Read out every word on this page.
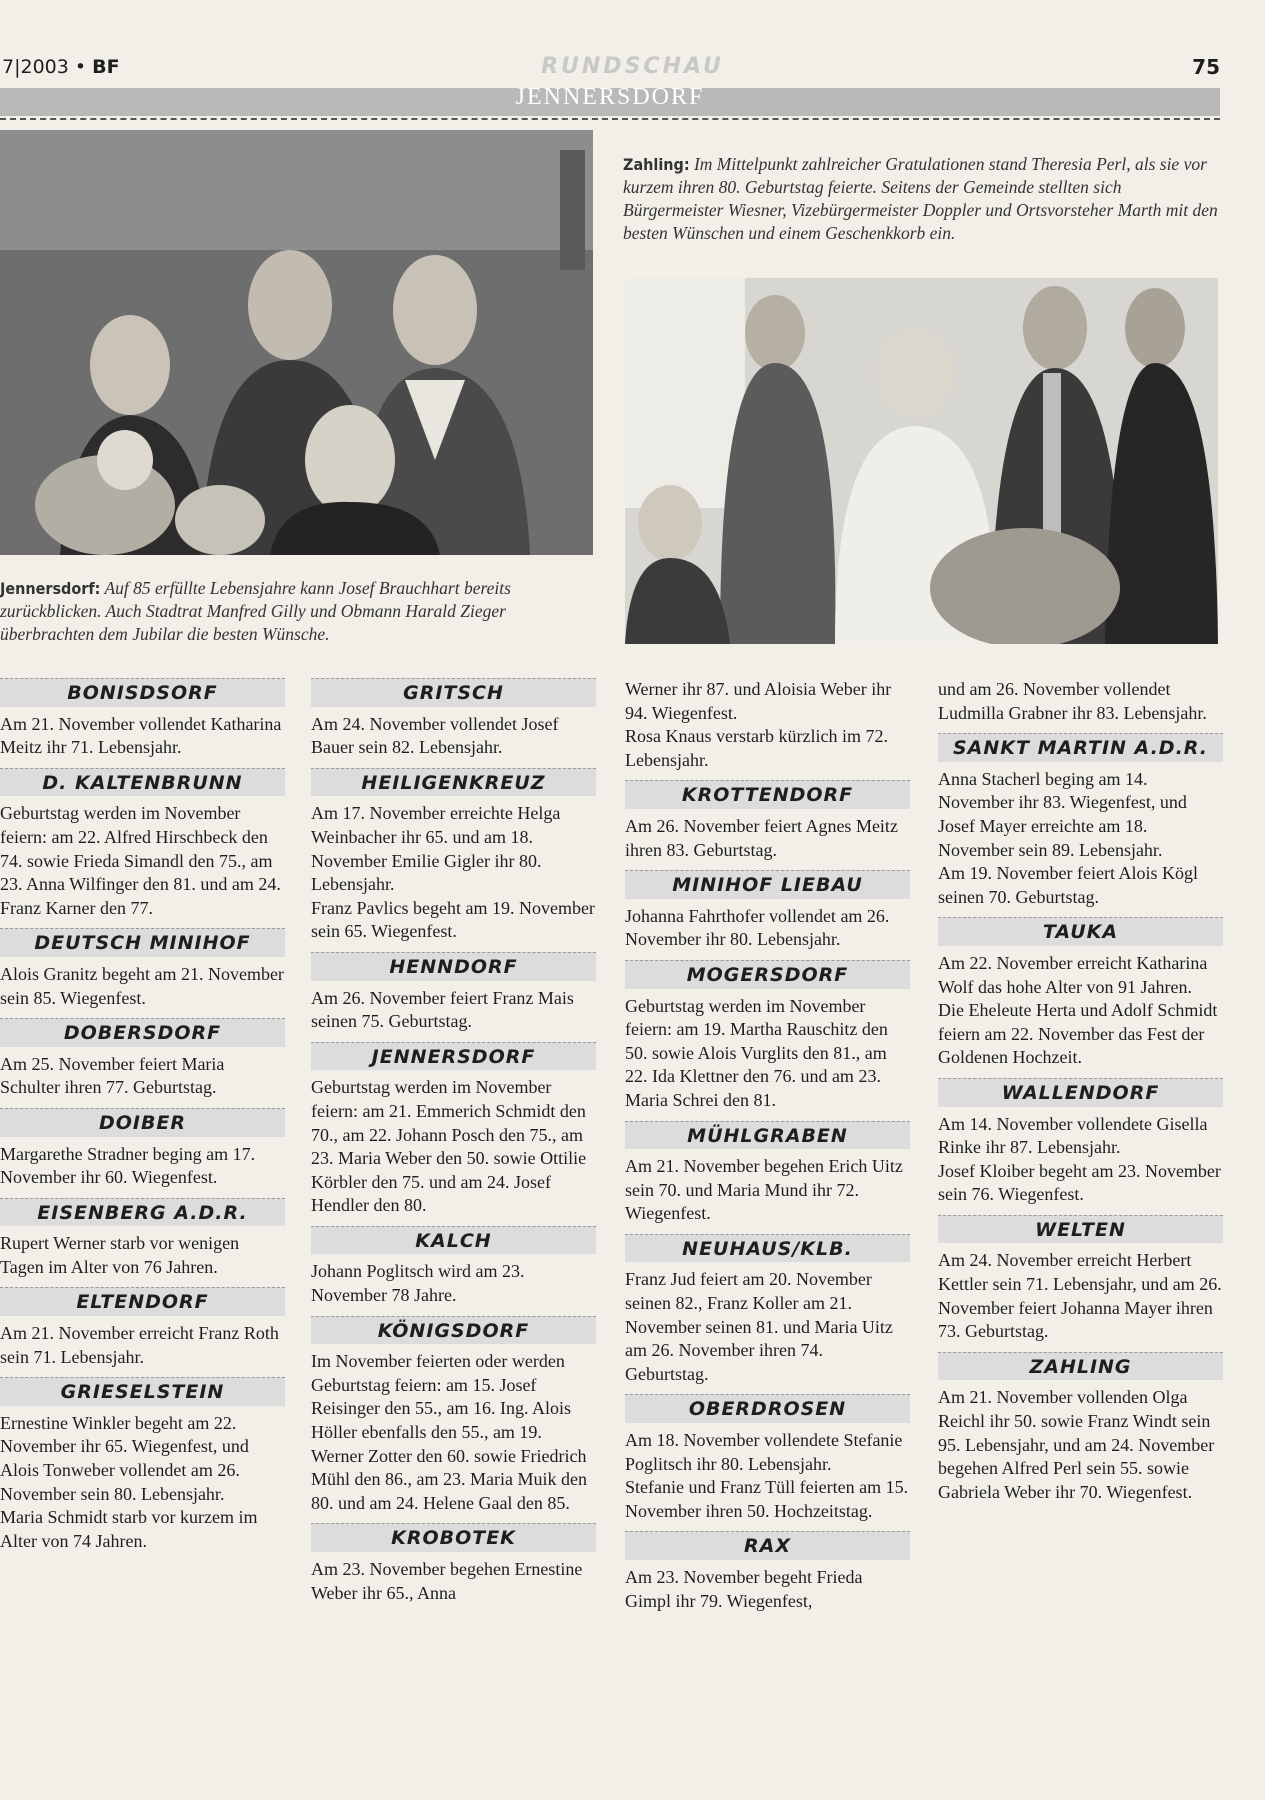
7|2003 • BF	RUNDSCHAU	75
JENNERSDORF
Zahling: Im Mittelpunkt zahlreicher Gratulationen stand Theresia Perl, als sie vor kurzem ihren 80. Geburtstag feierte. Seitens der Gemeinde stellten sich Bürgermeister Wiesner, Vizebürgermeister Doppler und Ortsvorsteher Marth mit den besten Wünschen und einem Geschenkkorb ein.
Jennersdorf: Auf 85 erfüllte Lebensjahre kann Josef Brauchhart bereits zurückblicken. Auch Stadtrat Manfred Gilly und Obmann Harald Zieger überbrachten dem Jubilar die besten Wünsche.
BONISDSORF

Am 21. November vollendet Katharina Meitz ihr 71. Lebensjahr.

D. KALTENBRUNN

Geburtstag werden im November feiern: am 22. Alfred Hirschbeck den 74. sowie Frieda Simandl den 75., am 23. Anna Wilfinger den 81. und am 24. Franz Karner den 77.

DEUTSCH MINIHOF

Alois Granitz begeht am 21. November sein 85. Wiegenfest.

DOBERSDORF

Am 25. November feiert Maria Schulter ihren 77. Geburtstag.

DOIBER

Margarethe Stradner beging am 17. November ihr 60. Wiegenfest.

EISENBERG A.D.R.

Rupert Werner starb vor wenigen Tagen im Alter von 76 Jahren.

ELTENDORF

Am 21. November erreicht Franz Roth sein 71. Lebensjahr.

GRIESELSTEIN

Ernestine Winkler begeht am 22. November ihr 65. Wiegenfest, und Alois Tonweber vollendet am 26. November sein 80. Lebensjahr.

Maria Schmidt starb vor kurzem im Alter von 74 Jahren.

GRITSCH

Am 24. November vollendet Josef Bauer sein 82. Lebensjahr.

HEILIGENKREUZ

Am 17. November erreichte Helga Weinbacher ihr 65. und am 18. November Emilie Gigler ihr 80. Lebensjahr.

Franz Pavlics begeht am 19. November sein 65. Wiegenfest.

HENNDORF

Am 26. November feiert Franz Mais seinen 75. Geburtstag.

JENNERSDORF

Geburtstag werden im November feiern: am 21. Emmerich Schmidt den 70., am 22. Johann Posch den 75., am 23. Maria Weber den 50. sowie Ottilie Körbler den 75. und am 24. Josef Hendler den 80.

KALCH

Johann Poglitsch wird am 23. November 78 Jahre.

KÖNIGSDORF

Im November feierten oder werden Geburtstag feiern: am 15. Josef Reisinger den 55., am 16. Ing. Alois Höller ebenfalls den 55., am 19. Werner Zotter den 60. sowie Friedrich Mühl den 86., am 23. Maria Muik den 80. und am 24. Helene Gaal den 85.

KROBOTEK

Am 23. November begehen Ernestine Weber ihr 65., Anna

Werner ihr 87. und Aloisia Weber ihr 94. Wiegenfest.

Rosa Knaus verstarb kürzlich im 72. Lebensjahr.

KROTTENDORF

Am 26. November feiert Agnes Meitz ihren 83. Geburtstag.

MINIHOF LIEBAU

Johanna Fahrthofer vollendet am 26. November ihr 80. Lebensjahr.

MOGERSDORF

Geburtstag werden im November feiern: am 19. Martha Rauschitz den 50. sowie Alois Vurglits den 81., am 22. Ida Klettner den 76. und am 23. Maria Schrei den 81.

MÜHLGRABEN

Am 21. November begehen Erich Uitz sein 70. und Maria Mund ihr 72. Wiegenfest.

NEUHAUS/KLB.

Franz Jud feiert am 20. November seinen 82., Franz Koller am 21. November seinen 81. und Maria Uitz am 26. November ihren 74. Geburtstag.

OBERDROSEN

Am 18. November vollendete Stefanie Poglitsch ihr 80. Lebensjahr.

Stefanie und Franz Tüll feierten am 15. November ihren 50. Hochzeitstag.

RAX

Am 23. November begeht Frieda Gimpl ihr 79. Wiegenfest,

und am 26. November vollendet Ludmilla Grabner ihr 83. Lebensjahr.

SANKT MARTIN A.D.R.

Anna Stacherl beging am 14. November ihr 83. Wiegenfest, und Josef Mayer erreichte am 18. November sein 89. Lebensjahr.

Am 19. November feiert Alois Kögl seinen 70. Geburtstag.

TAUKA

Am 22. November erreicht Katharina Wolf das hohe Alter von 91 Jahren.

Die Eheleute Herta und Adolf Schmidt feiern am 22. November das Fest der Goldenen Hochzeit.

WALLENDORF

Am 14. November vollendete Gisella Rinke ihr 87. Lebensjahr.

Josef Kloiber begeht am 23. November sein 76. Wiegenfest.

WELTEN

Am 24. November erreicht Herbert Kettler sein 71. Lebensjahr, und am 26. November feiert Johanna Mayer ihren 73. Geburtstag.

ZAHLING

Am 21. November vollenden Olga Reichl ihr 50. sowie Franz Windt sein 95. Lebensjahr, und am 24. November begehen Alfred Perl sein 55. sowie Gabriela Weber ihr 70. Wiegenfest.
